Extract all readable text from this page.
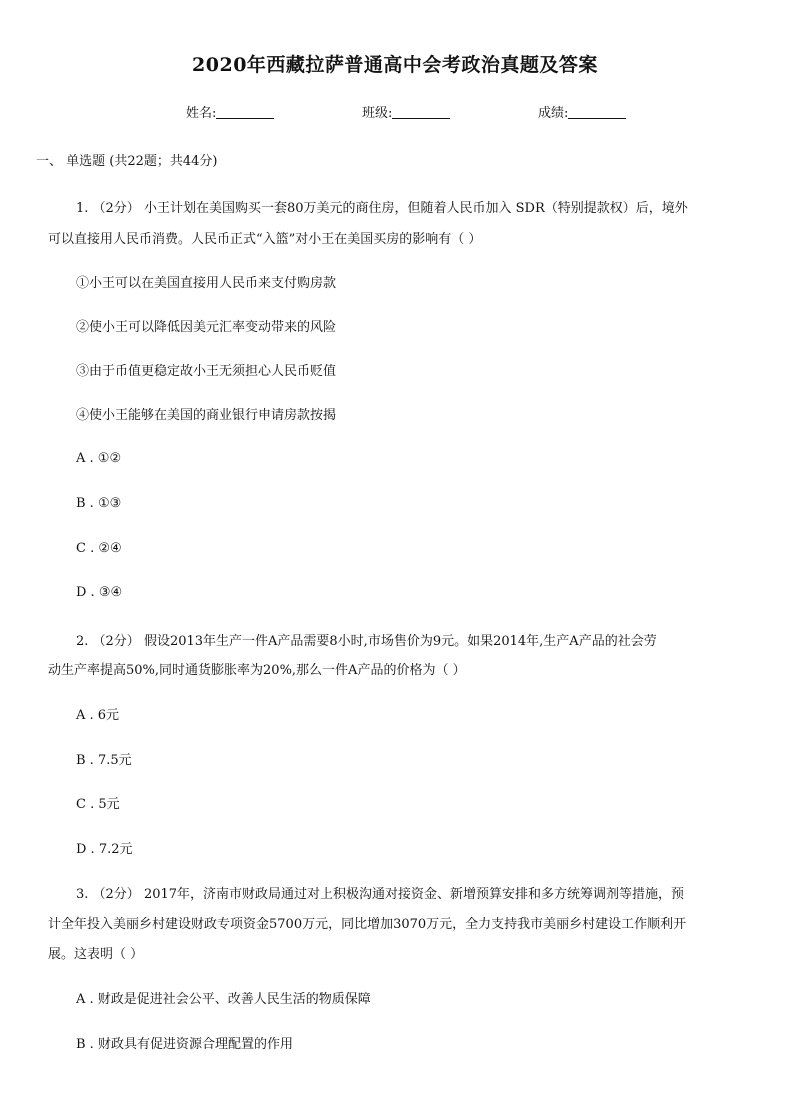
2020年西藏拉萨普通高中会考政治真题及答案
姓名:	班级:	成绩:
一、 单选题 (共22题；共44分)
1. （2分） 小王计划在美国购买一套80万美元的商住房，但随着人民币加入 SDR（特别提款权）后，境外
可以直接用人民币消费。人民币正式“入篮”对小王在美国买房的影响有（ ）
①小王可以在美国直接用人民币来支付购房款
②使小王可以降低因美元汇率变动带来的风险
③由于币值更稳定故小王无须担心人民币贬值
④使小王能够在美国的商业银行申请房款按揭
A . ①②
B . ①③
C . ②④
D . ③④
2. （2分） 假设2013年生产一件A产品需要8小时,市场售价为9元。如果2014年,生产A产品的社会劳
动生产率提高50%,同时通货膨胀率为20%,那么一件A产品的价格为（ ）
A . 6元
B . 7.5元
C . 5元
D . 7.2元
3. （2分） 2017年，济南市财政局通过对上积极沟通对接资金、新增预算安排和多方统筹调剂等措施，预
计全年投入美丽乡村建设财政专项资金5700万元，同比增加3070万元，全力支持我市美丽乡村建设工作顺利开
展。这表明（ ）
A . 财政是促进社会公平、改善人民生活的物质保障
B . 财政具有促进资源合理配置的作用
